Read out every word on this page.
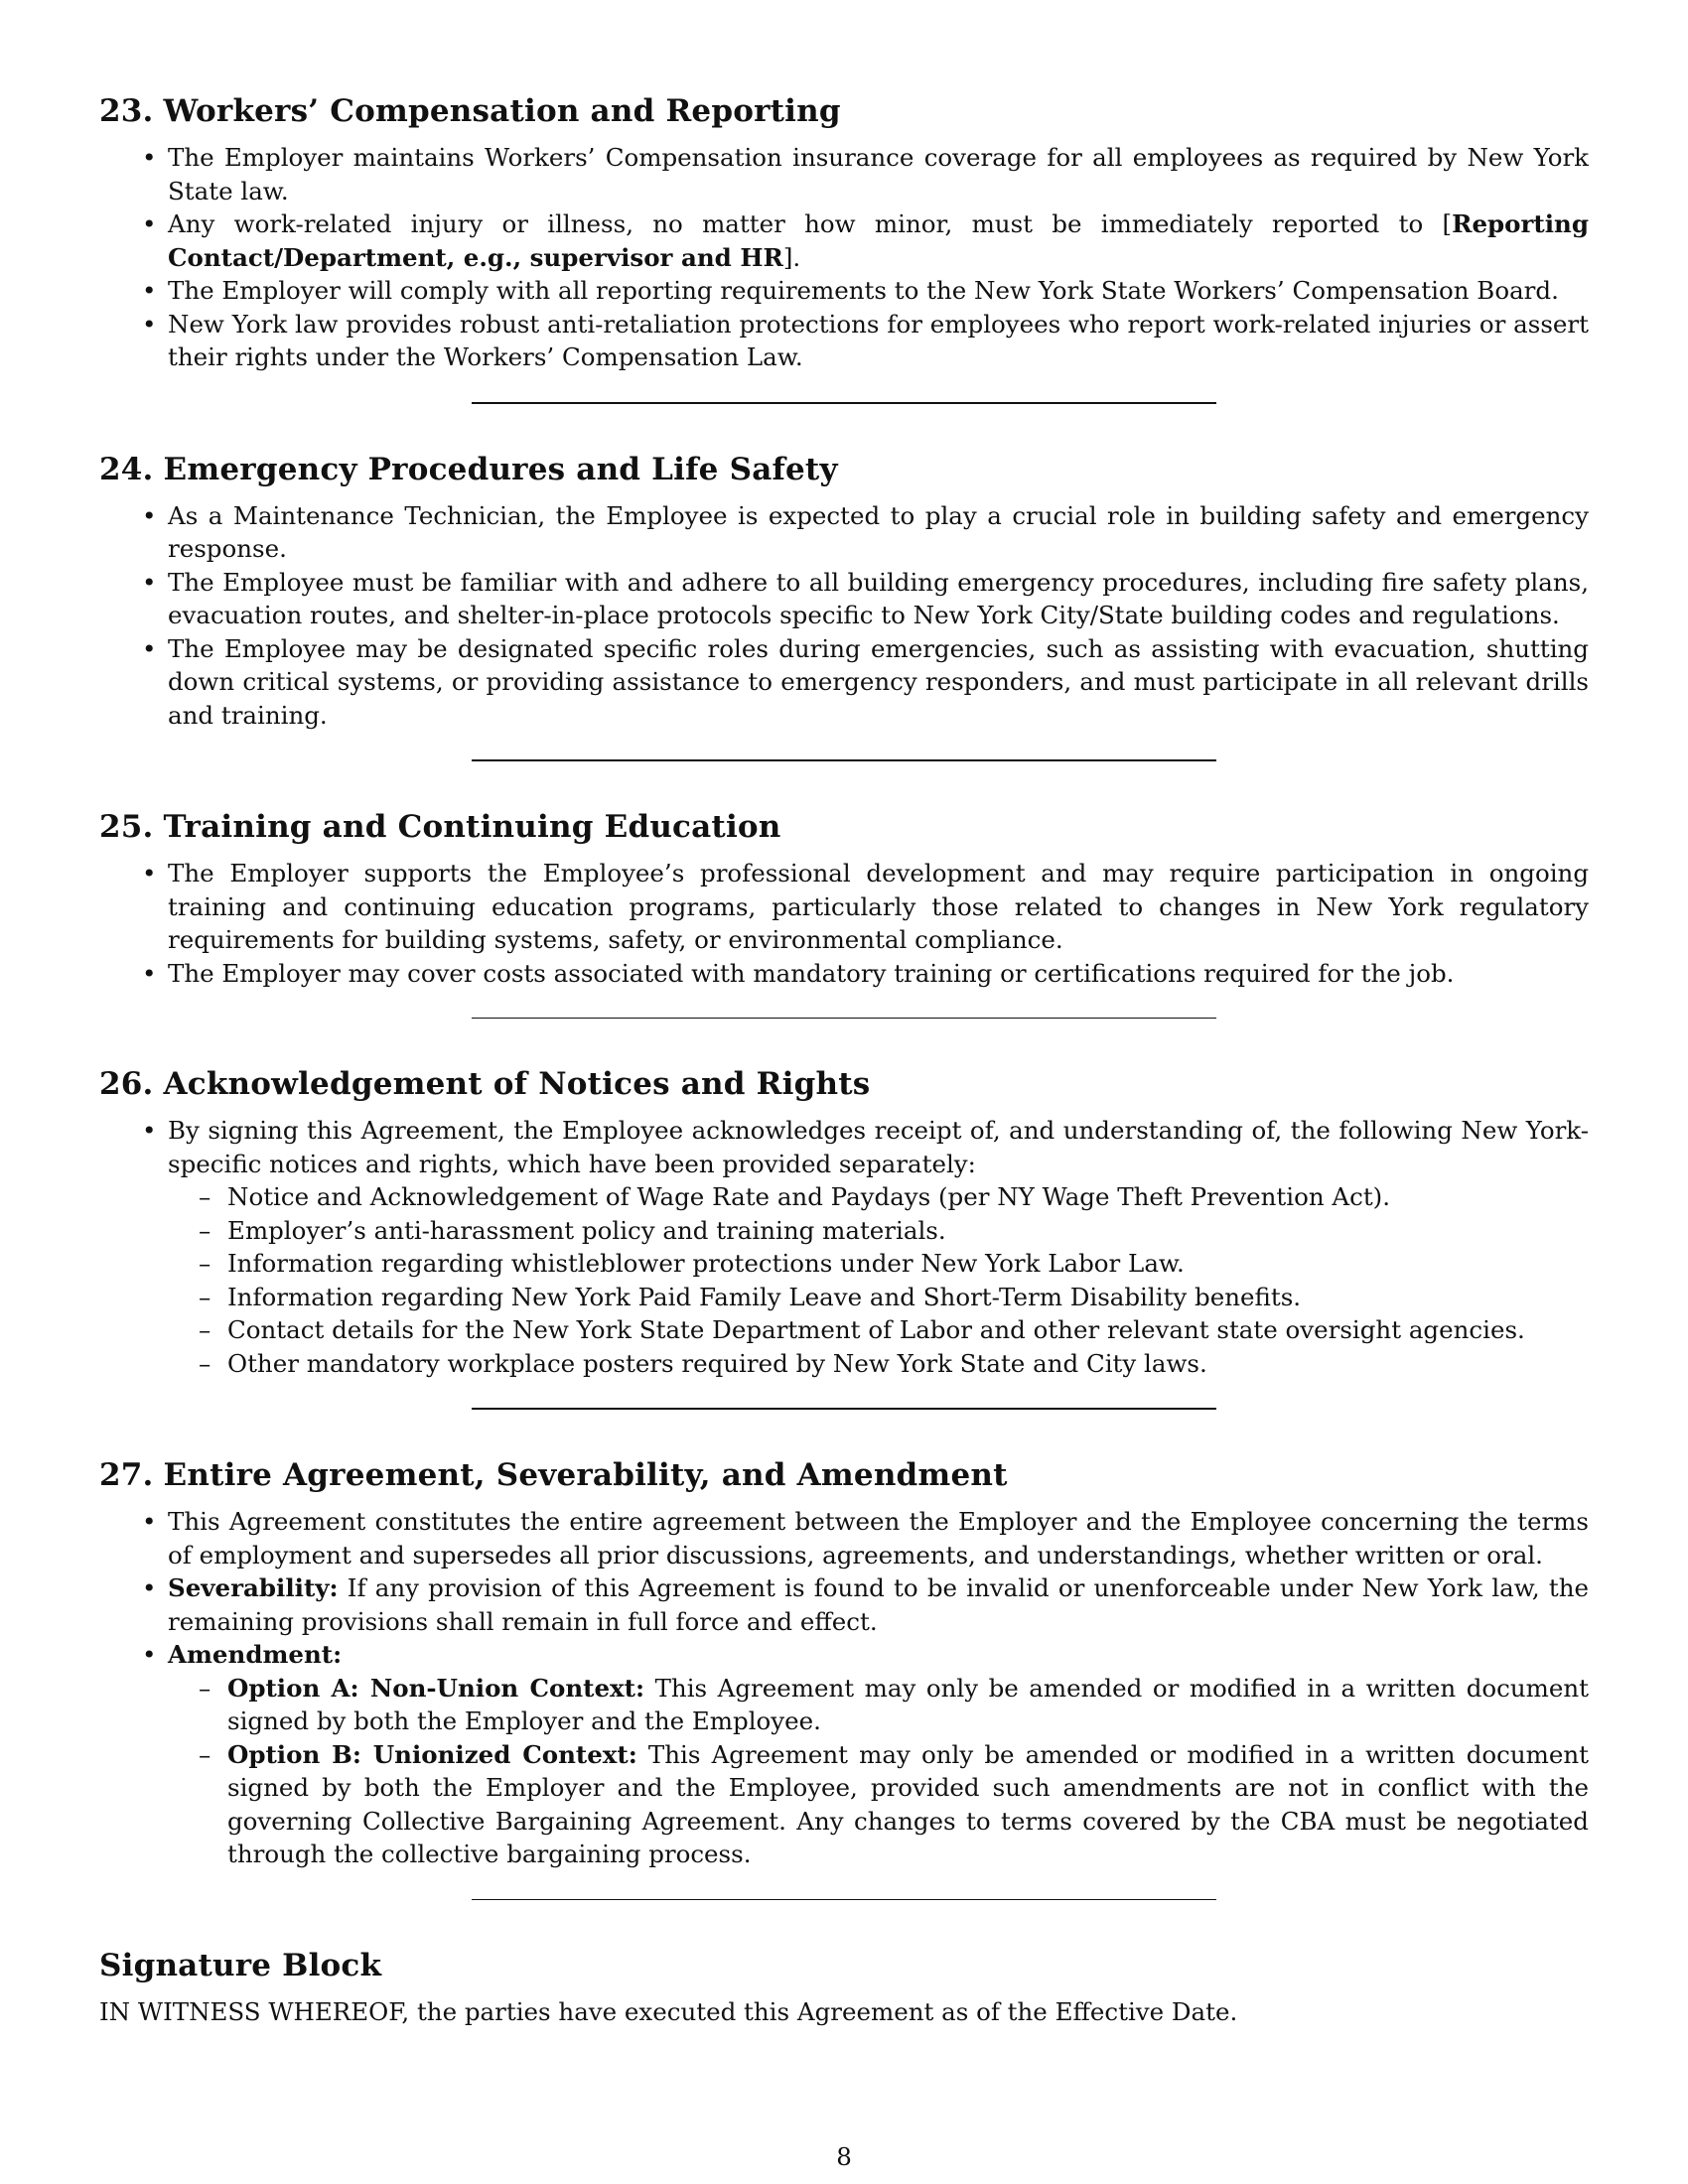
23. Workers’ Compensation and Reporting
• The Employer maintains Workers’ Compensation insurance coverage for all employees as required by New York State law.
• Any work-related injury or illness, no matter how minor, must be immediately reported to [Reporting Contact/Department, e.g., supervisor and HR].
• The Employer will comply with all reporting requirements to the New York State Workers’ Compensation Board.
• New York law provides robust anti-retaliation protections for employees who report work-related injuries or assert their rights under the Workers’ Compensation Law.
24. Emergency Procedures and Life Safety
• As a Maintenance Technician, the Employee is expected to play a crucial role in building safety and emergency response.
• The Employee must be familiar with and adhere to all building emergency procedures, including fire safety plans, evacuation routes, and shelter-in-place protocols specific to New York City/State building codes and regulations.
• The Employee may be designated specific roles during emergencies, such as assisting with evacuation, shutting down critical systems, or providing assistance to emergency responders, and must participate in all relevant drills and training.
25. Training and Continuing Education
• The Employer supports the Employee’s professional development and may require participation in ongoing training and continuing education programs, particularly those related to changes in New York regulatory requirements for building systems, safety, or environmental compliance.
• The Employer may cover costs associated with mandatory training or certifications required for the job.
26. Acknowledgement of Notices and Rights
• By signing this Agreement, the Employee acknowledges receipt of, and understanding of, the following New York-specific notices and rights, which have been provided separately:
– Notice and Acknowledgement of Wage Rate and Paydays (per NY Wage Theft Prevention Act).
– Employer’s anti-harassment policy and training materials.
– Information regarding whistleblower protections under New York Labor Law.
– Information regarding New York Paid Family Leave and Short-Term Disability benefits.
– Contact details for the New York State Department of Labor and other relevant state oversight agencies.
– Other mandatory workplace posters required by New York State and City laws.
27. Entire Agreement, Severability, and Amendment
• This Agreement constitutes the entire agreement between the Employer and the Employee concerning the terms of employment and supersedes all prior discussions, agreements, and understandings, whether written or oral.
• Severability: If any provision of this Agreement is found to be invalid or unenforceable under New York law, the remaining provisions shall remain in full force and effect.
• Amendment:
– Option A: Non-Union Context: This Agreement may only be amended or modified in a written document signed by both the Employer and the Employee.
– Option B: Unionized Context: This Agreement may only be amended or modified in a written document signed by both the Employer and the Employee, provided such amendments are not in conflict with the governing Collective Bargaining Agreement. Any changes to terms covered by the CBA must be negotiated through the collective bargaining process.
Signature Block

IN WITNESS WHEREOF, the parties have executed this Agreement as of the Effective Date.

8
